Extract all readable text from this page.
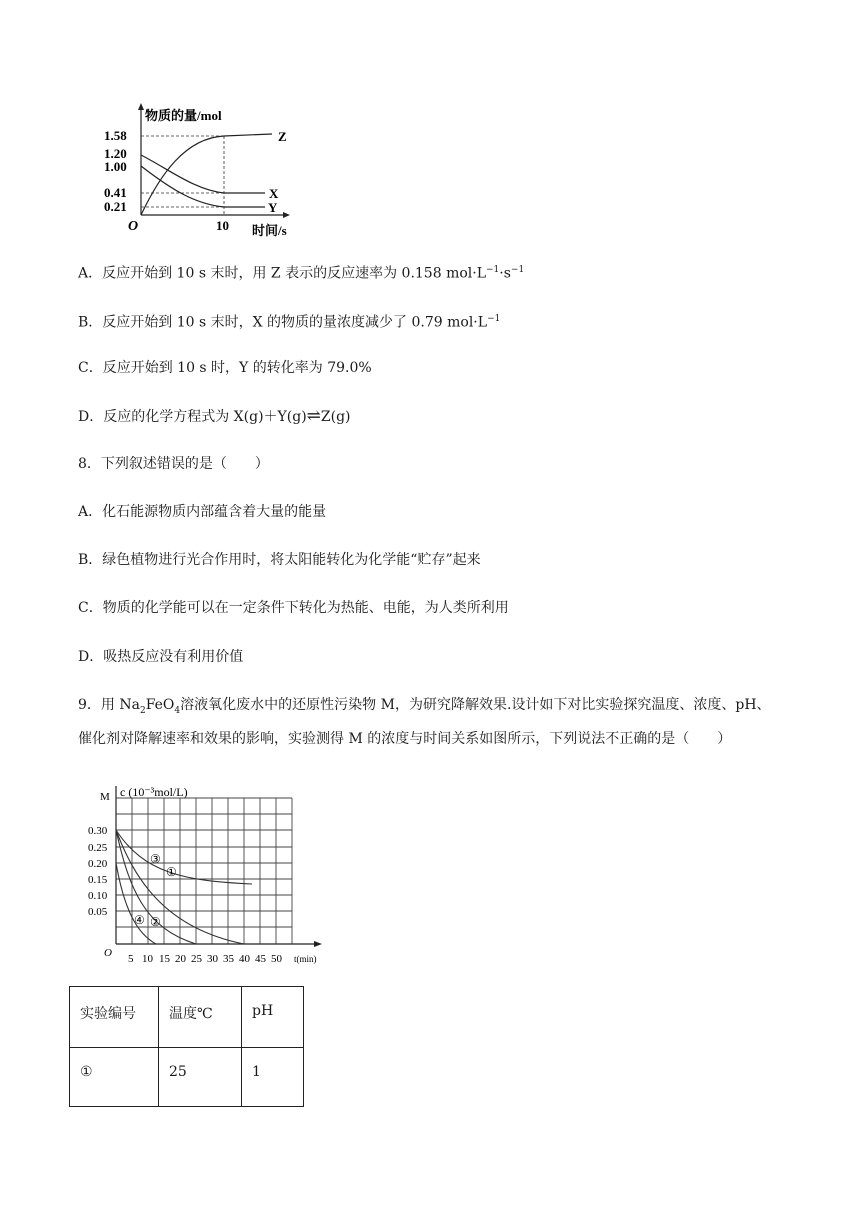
物质的量/mol
1.58
1.20
1.00
0.41
0.21
O	10 时间/s
Z
X
Y
A．反应开始到 10 s 末时，用 Z 表示的反应速率为 0.158 $mol\cdot L^{-1}\cdot s^{-1}$
B．反应开始到 10 s 末时，X 的物质的量浓度减少了 0.79 $mol\cdot L^{-1}$
C．反应开始到 10 s 时，Y 的转化率为 79.0%
D．反应的化学方程式为 X(g)＋Y(g)⇌Z(g)
8．下列叙述错误的是（　　）
A．化石能源物质内部蕴含着大量的能量
B．绿色植物进行光合作用时，将太阳能转化为化学能“贮存”起来
C．物质的化学能可以在一定条件下转化为热能、电能，为人类所利用
D．吸热反应没有利用价值
9．用 $Na_2FeO_4$溶液氧化废水中的还原性污染物 M，为研究降解效果.设计如下对比实验探究温度、浓度、pH、
催化剂对降解速率和效果的影响，实验测得 M 的浓度与时间关系如图所示，下列说法不正确的是（　　）
M c (10⁻³mol/L)
0.30
0.25
0.20
0.15
0.10
0.05
O 5 10 15 20 25 30 35 40 45 50 t(min)
③
①
②
④
实验编号	温度℃	pH

①	25	1
